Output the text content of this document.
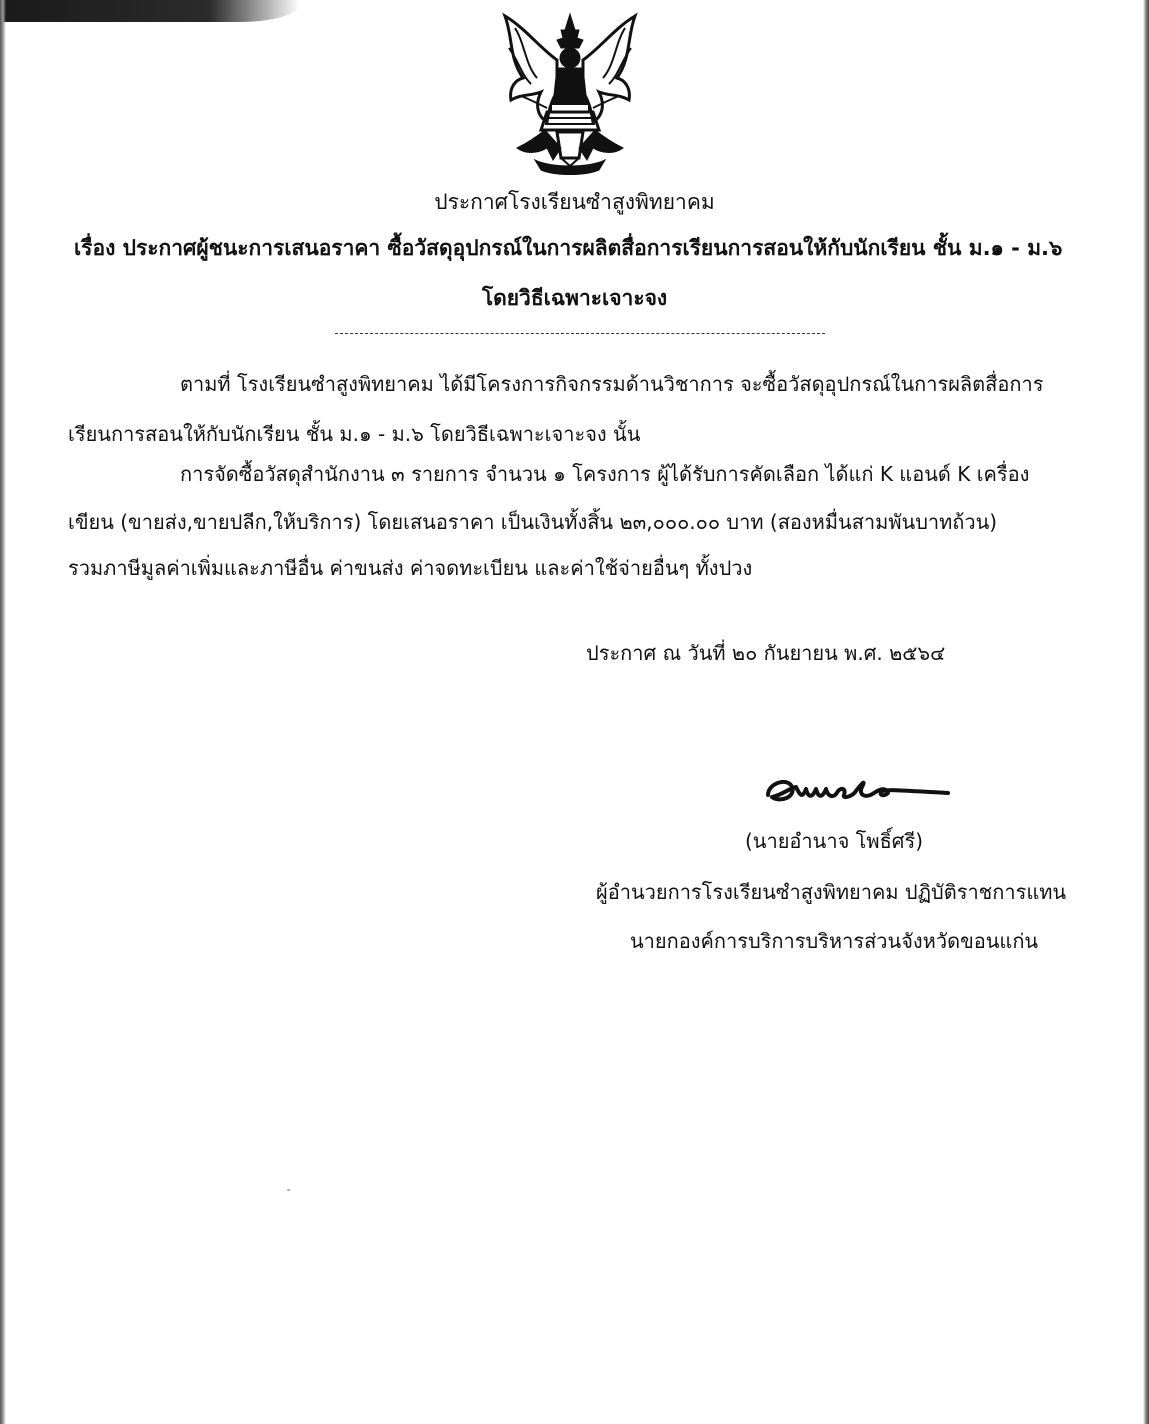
ประกาศโรงเรียนซำสูงพิทยาคม
เรื่อง ประกาศผู้ชนะการเสนอราคา ซื้อวัสดุอุปกรณ์ในการผลิตสื่อการเรียนการสอนให้กับนักเรียน ชั้น ม.๑ - ม.๖
โดยวิธีเฉพาะเจาะจง
ตามที่ โรงเรียนซำสูงพิทยาคม ได้มีโครงการกิจกรรมด้านวิชาการ จะซื้อวัสดุอุปกรณ์ในการผลิตสื่อการ
เรียนการสอนให้กับนักเรียน ชั้น ม.๑ - ม.๖ โดยวิธีเฉพาะเจาะจง นั้น
การจัดซื้อวัสดุสำนักงาน ๓ รายการ จำนวน ๑ โครงการ ผู้ได้รับการคัดเลือก ได้แก่ K แอนด์ K เครื่อง
เขียน (ขายส่ง,ขายปลีก,ให้บริการ) โดยเสนอราคา เป็นเงินทั้งสิ้น ๒๓,๐๐๐.๐๐ บาท (สองหมื่นสามพันบาทถ้วน)
รวมภาษีมูลค่าเพิ่มและภาษีอื่น ค่าขนส่ง ค่าจดทะเบียน และค่าใช้จ่ายอื่นๆ ทั้งปวง
ประกาศ ณ วันที่ ๒๐ กันยายน พ.ศ. ๒๕๖๔
(นายอำนาจ โพธิ์ศรี)
ผู้อำนวยการโรงเรียนซำสูงพิทยาคม ปฏิบัติราชการแทน
นายกองค์การบริการบริหารส่วนจังหวัดขอนแก่น
